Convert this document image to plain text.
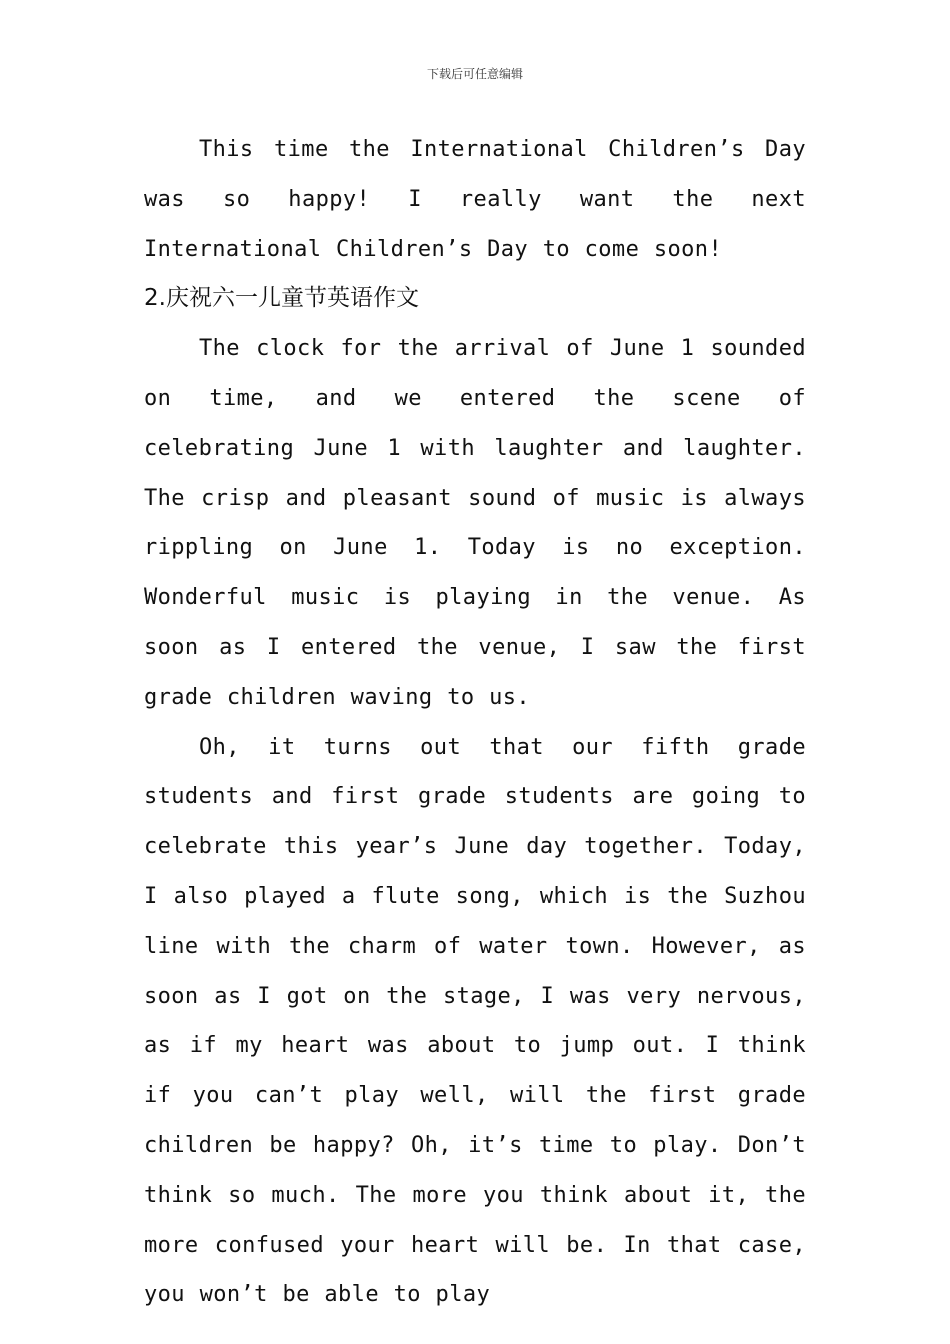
下载后可任意编辑

This time the International Children’s Day was so happy! I really want the next International Children’s Day to come soon!

2.庆祝六一儿童节英语作文

The clock for the arrival of June 1 sounded on time, and we entered the scene of celebrating June 1 with laughter and laughter. The crisp and pleasant sound of music is always rippling on June 1. Today is no exception. Wonderful music is playing in the venue. As soon as I entered the venue, I saw the first grade children waving to us.

Oh, it turns out that our fifth grade students and first grade students are going to celebrate this year’s June day together. Today, I also played a flute song, which is the Suzhou line with the charm of water town. However, as soon as I got on the stage, I was very nervous, as if my heart was about to jump out. I think if you can’t play well, will the first grade children be happy? Oh, it’s time to play. Don’t think so much. The more you think about it, the more confused your heart will be. In that case, you won’t be able to play
